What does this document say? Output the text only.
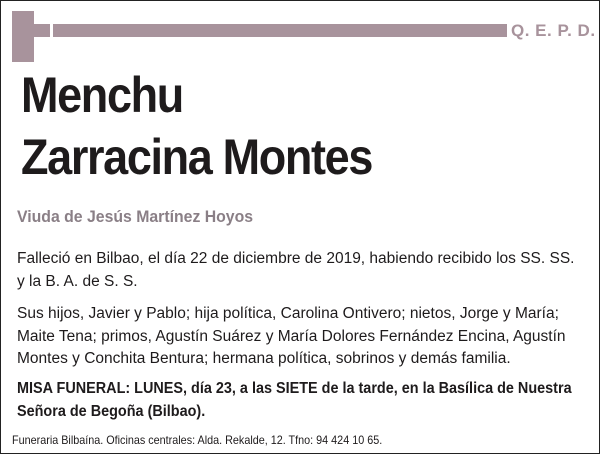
Q. E. P. D.
Menchu
Zarracina Montes
Viuda de Jesús Martínez Hoyos
Falleció en Bilbao, el día 22 de diciembre de 2019, habiendo recibido los SS. SS.
y la B. A. de S. S.
Sus hijos, Javier y Pablo; hija política, Carolina Ontivero; nietos, Jorge y María;
Maite Tena; primos, Agustín Suárez y María Dolores Fernández Encina, Agustín
Montes y Conchita Bentura; hermana política, sobrinos y demás familia.
MISA FUNERAL: LUNES, día 23, a las SIETE de la tarde, en la Basílica de Nuestra
Señora de Begoña (Bilbao).
Funeraria Bilbaína. Oficinas centrales: Alda. Rekalde, 12. Tfno: 94 424 10 65.
